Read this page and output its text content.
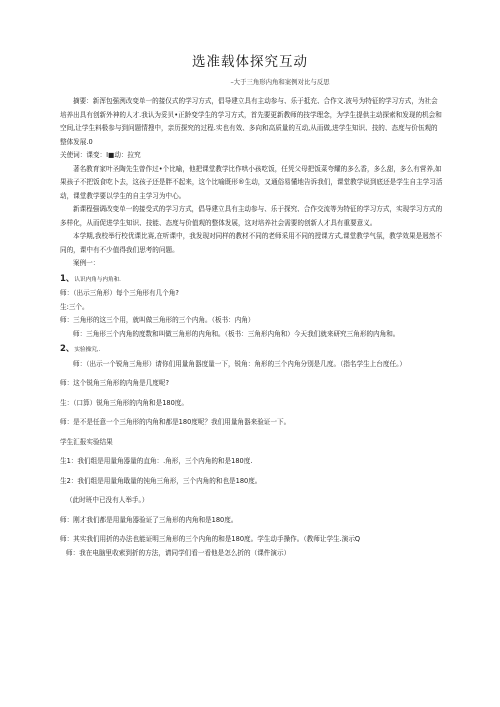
选准载体探究互动
–大于三角形内角和案例对比与反思

摘要：新浑包强洌改变单一的接仅式的学习方式，倡导建立具有主动参与、乐于抵充、合作文.波号为特征的学习方式，为社会培养出具有创新外神的人才.我认为妥贝•正龄变学生的学习方式，首先要更新教师的技学理念，为学生提供主动探索和发现的机会和空间,让学生料极参与到问题情搜中，亲历探究的过程.实也有效、多向和高质量的互动,从而做,进学生知识、技的、态度与价伍观的整体发展.0

关使词：课变：I■动：拉究

著名教育家叶圣陶先生曾作过•个比喻，他把课堂教学比作哄小孩吃饭，任凭父母把饭菜夸耀的多么香，多么甜，多么有营养,如果孩子不把饭食吃卜去，这孩子还是胖不起来，这个比喻既形®生动，又通俗易懂地告诉我们，课堂教学说到底还是学生自主学习活动，课堂教学要以学生的自主学习为中心。

新课程强调改变单一的接受式的学习方式，倡导建立具有主动参与、乐于探究、合作交流等为特征的学习方式，实现学习方式的多样化，从而促进学生知识、技能、态度与价值观的整体发展，这对培养社会需要的创新人才具有重要意义。

本学期,我校举行校优课比赛,在听课中，我发现对同样的教材不同的老师采用不同的授课方式,课堂教学气氛，教学效果是迥然不同的，课中有不少值得我们思考的问题。

案例一：

1、认识内角与内角和.

师：（出示三角形）每个三角形有几个角?

生:三个。

师：三角形的这三个用，就叫做三角形的三个内角。（板书：内角）

师：三角形三个内角的度数和叫做三角形的内角和。（板书：三角形内角和）今天我们就来研究三角形的内角和。

2、实验操究,.

师：（出示一个锐角三角形）请你们用量角器度量一下，锐角：角形的三个内角分别是几度。（指名学生上台度任。）

师：这个锐角三角形的内角是几度呢?

生：（口算）锐角三角形的内角和是180度。

师：是不是任意一个三角形的内角和都是180度呢？我们用量角器来验证一下。

学生汇报实验结果

生1：我们组是用量角器量的直角：.角形，三个内角的和是180度.

生2：我们组是用量角戢量的钝角三角形，三个内角的和也是180度。

（此时班中已没有人举手。）

师：刚才我们都是用量角器验证了三角形的内角和是180度。

师：其实我们用折的办法也能证明三角形的三个内角的和是180度。学生动手操作。（教师让学生.演示Q

师：我在电脑里收索到折的方法，请同学们看一看他是怎么折的（课件演示）
